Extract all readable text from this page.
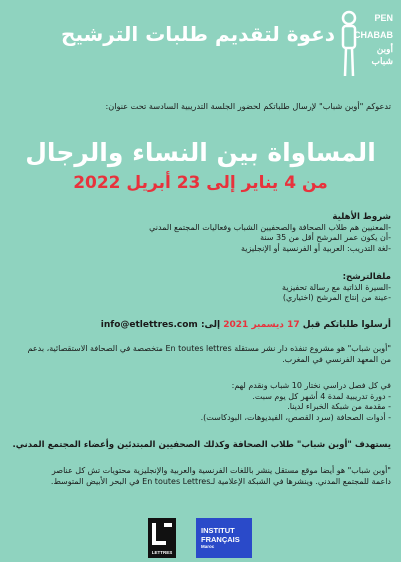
دعوة لتقديم طلبات الترشيح
PEN
CHABAB
أوبن
شباب
تدعوكم "أوبن شباب" لإرسال طلباتكم لحضور الجلسة التدريبية السادسة تحت عنوان:
المساواة بين النساء والرجال
من 4 يناير إلى 23 أبريل 2022
شروط الأهلية
-المعنيين هم طلاب الصحافة والصحفيين الشباب وفعاليات المجتمع المدني
-أن يكون عمر المرشح أقل من 35 سنة
-لغة التدريب: العربية أو الفرنسية أو الإنجليزية
ملفالترشح:
-السيرة الذاتية مع رسالة تحفيزية
-عينة من إنتاج المرشح (اختياري)
أرسلوا طلباتكم قبل 17 ديسمبر 2021 إلى: info@etlettres.com
"أوبن شباب" هو مشروع تنفذه دار نشر مستقلة En toutes lettres متخصصة في الصحافة الاستقصائية، بدعم
من المعهد الفرنسي في المغرب.
في كل فصل دراسي نختار 10 شباب ونقدم لهم:
- دورة تدريبية لمدة 4 أشهر كل يوم سبت.
- مقدمة من شبكة الخبراء لدينا.
- أدوات الصحافة (سرد القصص، الفيديوهات، البودكاست).
يستهدف "أوبن شباب" طلاب الصحافة وكذلك الصحفيين المبتدئين وأعضاء المجتمع المدني.
"أوبن شباب" هو أيضا موقع مستقل ينشر باللغات الفرنسية والعربية والإنجليزية محتويات تش كل عناصر
داعمة للمجتمع المدني. وينشرها في الشبكة الإعلامية لـEn toutes Lettres في البحر الأبيض المتوسط.
LETTRES
INSTITUT
FRANÇAIS
Maroc
